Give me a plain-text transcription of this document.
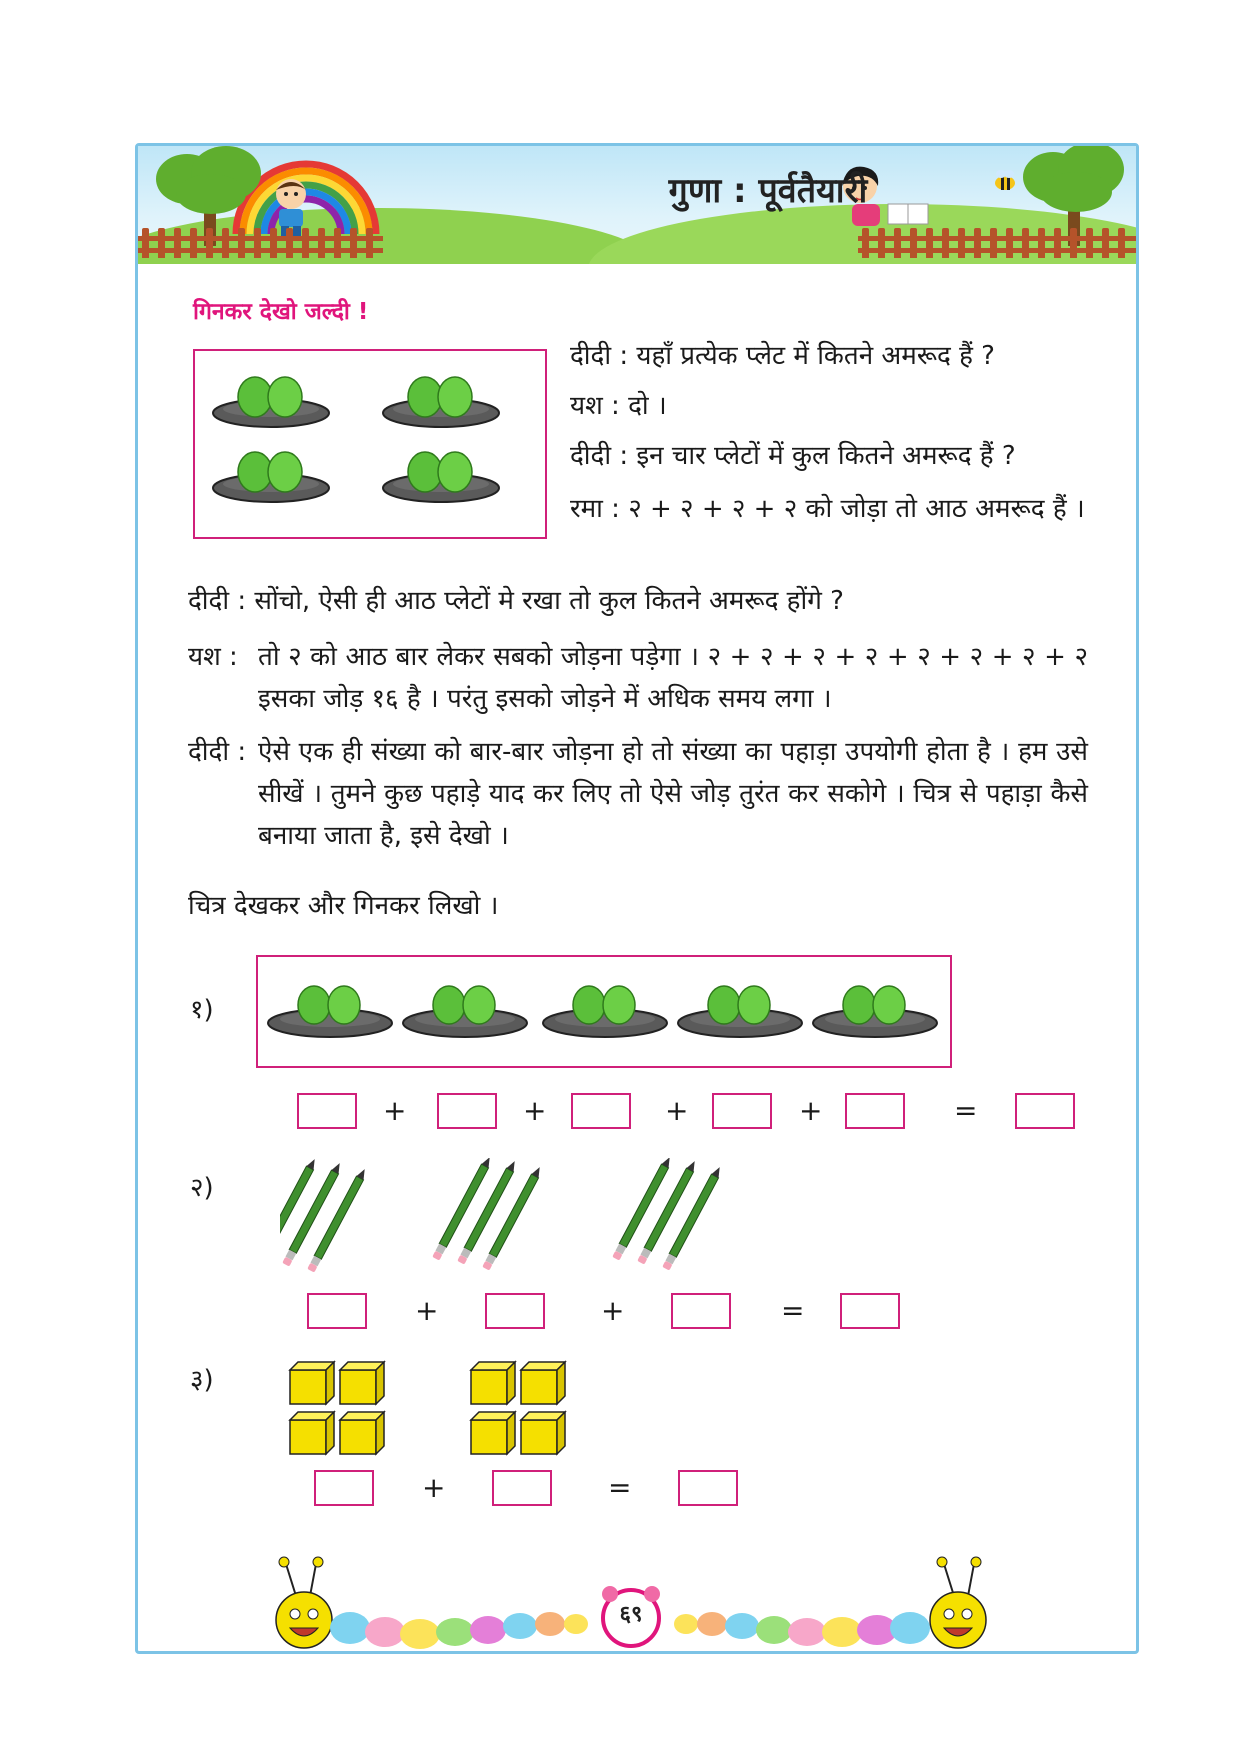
गुणा : पूर्वतैयारी
गिनकर देखो जल्दी !
दीदी : यहाँ प्रत्येक प्लेट में कितने अमरूद हैं ?
यश : दो ।
दीदी : इन चार प्लेटों में कुल कितने अमरूद हैं ?
रमा : २ + २ + २ + २ को जोड़ा तो आठ अमरूद हैं ।
दीदी : सोंचो, ऐसी ही आठ प्लेटों मे रखा तो कुल कितने अमरूद होंगे ?
यश : तो २ को आठ बार लेकर सबको जोड़ना पड़ेगा । २ + २ + २ + २ + २ + २ + २ + २ इसका जोड़ १६ है । परंतु इसको जोड़ने में अधिक समय लगा ।
दीदी : ऐसे एक ही संख्या को बार-बार जोड़ना हो तो संख्या का पहाड़ा उपयोगी होता है । हम उसे सीखें । तुमने कुछ पहाड़े याद कर लिए तो ऐसे जोड़ तुरंत कर सकोगे । चित्र से पहाड़ा कैसे बनाया जाता है, इसे देखो ।
चित्र देखकर और गिनकर लिखो ।
१)
+	+	+	+	=
२)
+	+	=
३)
+	=
६९
